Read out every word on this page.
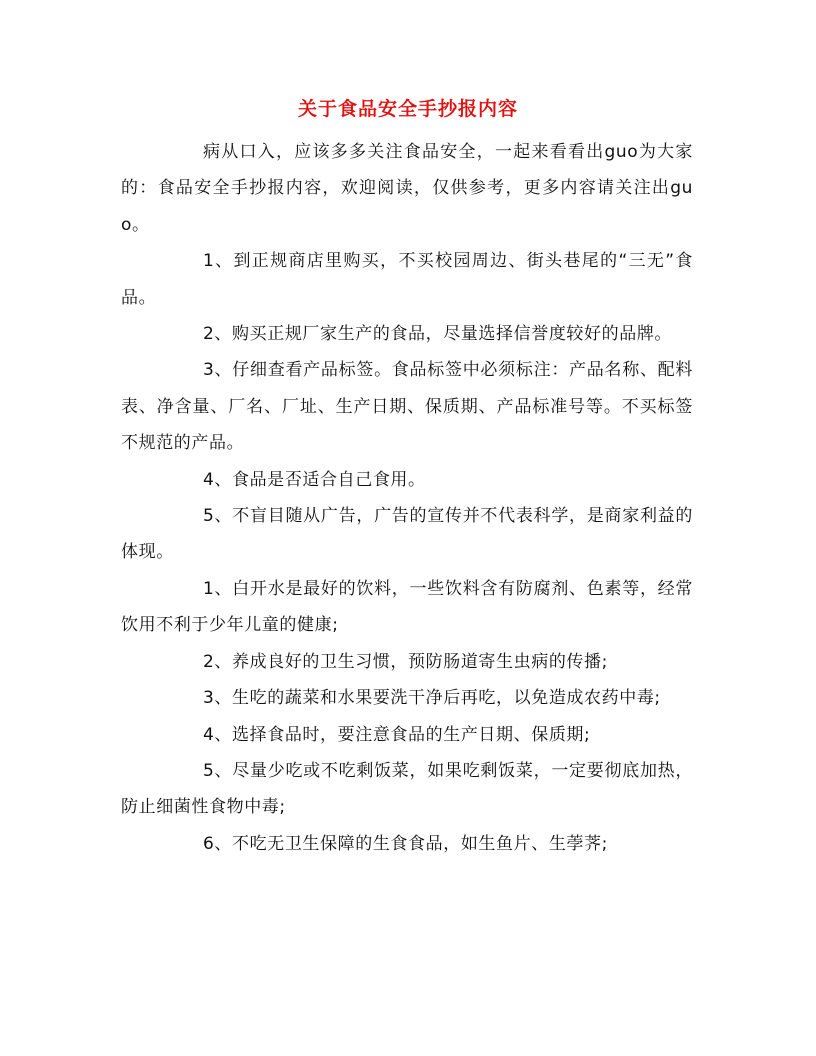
关于食品安全手抄报内容

病从口入，应该多多关注食品安全，一起来看看出guo为大家的：食品安全手抄报内容，欢迎阅读，仅供参考，更多内容请关注出guo。

1、到正规商店里购买，不买校园周边、街头巷尾的“三无”食品。

2、购买正规厂家生产的食品，尽量选择信誉度较好的品牌。

3、仔细查看产品标签。食品标签中必须标注：产品名称、配料表、净含量、厂名、厂址、生产日期、保质期、产品标准号等。不买标签不规范的产品。

4、食品是否适合自己食用。

5、不盲目随从广告，广告的宣传并不代表科学，是商家利益的体现。

1、白开水是最好的饮料，一些饮料含有防腐剂、色素等，经常饮用不利于少年儿童的健康;

2、养成良好的卫生习惯，预防肠道寄生虫病的传播;

3、生吃的蔬菜和水果要洗干净后再吃，以免造成农药中毒;

4、选择食品时，要注意食品的生产日期、保质期;

5、尽量少吃或不吃剩饭菜，如果吃剩饭菜，一定要彻底加热，防止细菌性食物中毒;

6、不吃无卫生保障的生食食品，如生鱼片、生荸荠;
